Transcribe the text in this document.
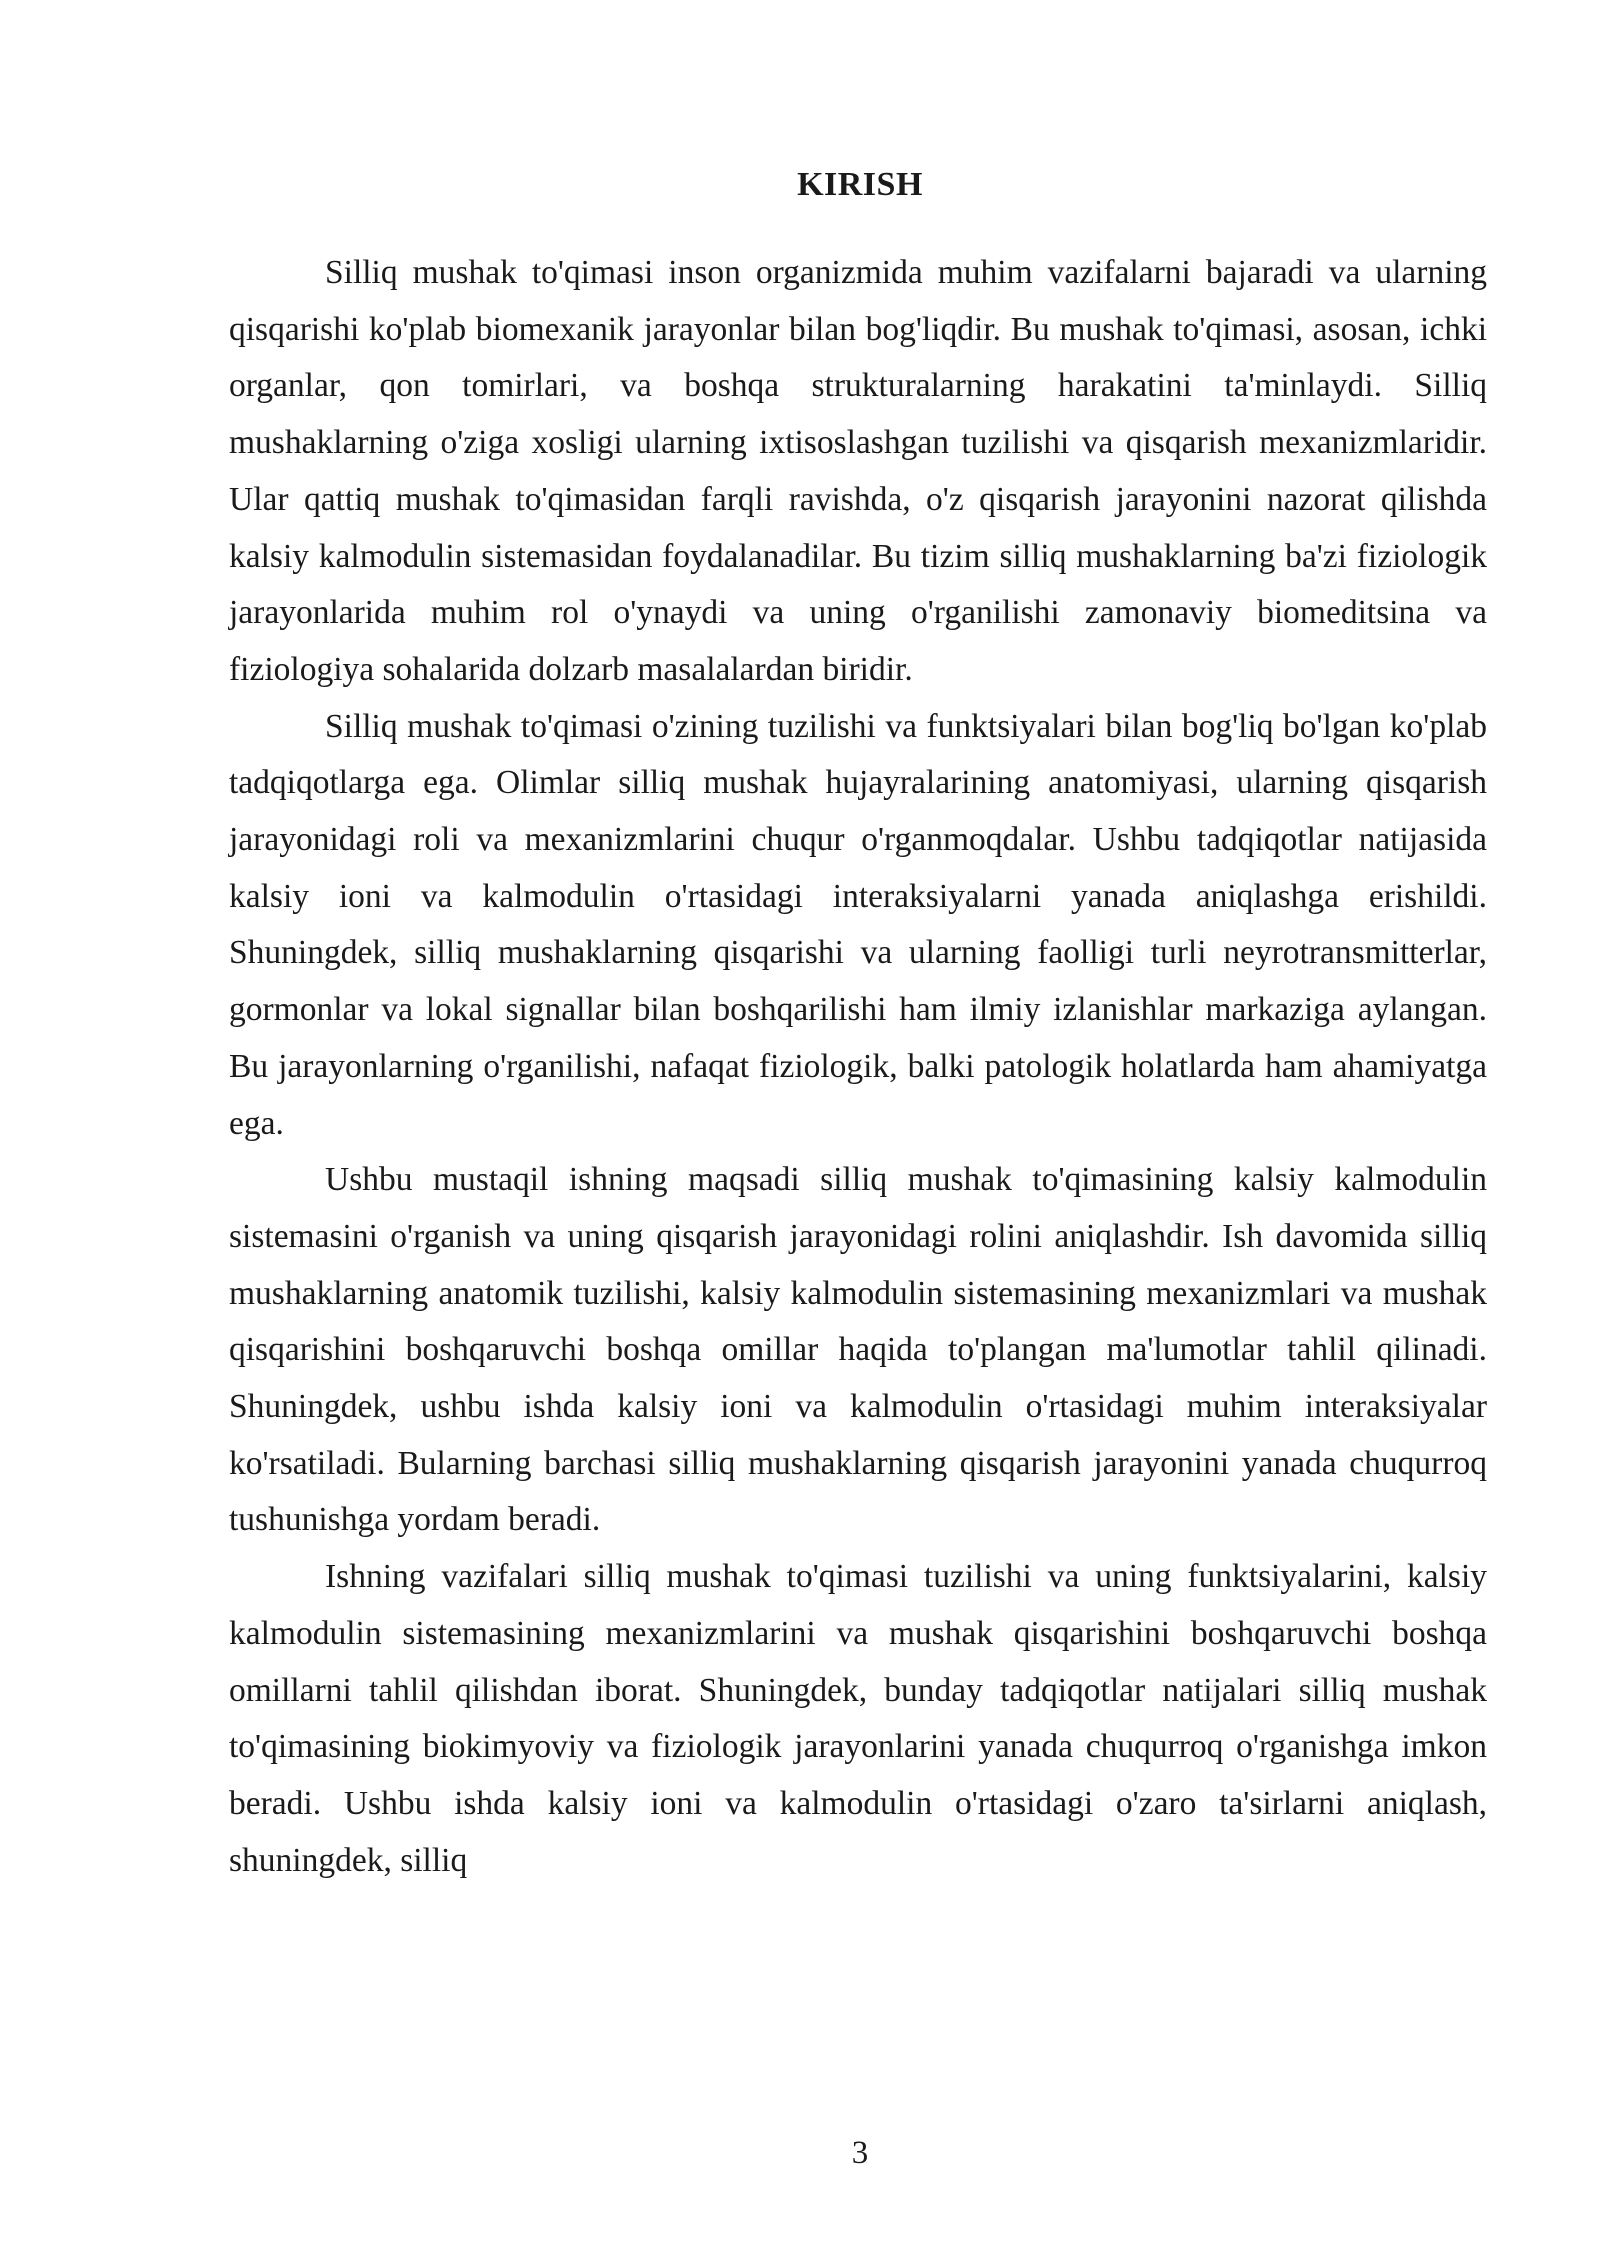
KIRISH

Silliq mushak to'qimasi inson organizmida muhim vazifalarni bajaradi va ularning qisqarishi ko'plab biomexanik jarayonlar bilan bog'liqdir. Bu mushak to'qimasi, asosan, ichki organlar, qon tomirlari, va boshqa strukturalarning harakatini ta'minlaydi. Silliq mushaklarning o'ziga xosligi ularning ixtisoslashgan tuzilishi va qisqarish mexanizmlaridir. Ular qattiq mushak to'qimasidan farqli ravishda, o'z qisqarish jarayonini nazorat qilishda kalsiy kalmodulin sistemasidan foydalanadilar. Bu tizim silliq mushaklarning ba'zi fiziologik jarayonlarida muhim rol o'ynaydi va uning o'rganilishi zamonaviy biomeditsina va fiziologiya sohalarida dolzarb masalalardan biridir.

Silliq mushak to'qimasi o'zining tuzilishi va funktsiyalari bilan bog'liq bo'lgan ko'plab tadqiqotlarga ega. Olimlar silliq mushak hujayralarining anatomiyasi, ularning qisqarish jarayonidagi roli va mexanizmlarini chuqur o'rganmoqdalar. Ushbu tadqiqotlar natijasida kalsiy ioni va kalmodulin o'rtasidagi interaksiyalarni yanada aniqlashga erishildi. Shuningdek, silliq mushaklarning qisqarishi va ularning faolligi turli neyrotransmitterlar, gormonlar va lokal signallar bilan boshqarilishi ham ilmiy izlanishlar markaziga aylangan. Bu jarayonlarning o'rganilishi, nafaqat fiziologik, balki patologik holatlarda ham ahamiyatga ega.

Ushbu mustaqil ishning maqsadi silliq mushak to'qimasining kalsiy kalmodulin sistemasini o'rganish va uning qisqarish jarayonidagi rolini aniqlashdir. Ish davomida silliq mushaklarning anatomik tuzilishi, kalsiy kalmodulin sistemasining mexanizmlari va mushak qisqarishini boshqaruvchi boshqa omillar haqida to'plangan ma'lumotlar tahlil qilinadi. Shuningdek, ushbu ishda kalsiy ioni va kalmodulin o'rtasidagi muhim interaksiyalar ko'rsatiladi. Bularning barchasi silliq mushaklarning qisqarish jarayonini yanada chuqurroq tushunishga yordam beradi.

Ishning vazifalari silliq mushak to'qimasi tuzilishi va uning funktsiyalarini, kalsiy kalmodulin sistemasining mexanizmlarini va mushak qisqarishini boshqaruvchi boshqa omillarni tahlil qilishdan iborat. Shuningdek, bunday tadqiqotlar natijalari silliq mushak to'qimasining biokimyoviy va fiziologik jarayonlarini yanada chuqurroq o'rganishga imkon beradi. Ushbu ishda kalsiy ioni va kalmodulin o'rtasidagi o'zaro ta'sirlarni aniqlash, shuningdek, silliq

3
